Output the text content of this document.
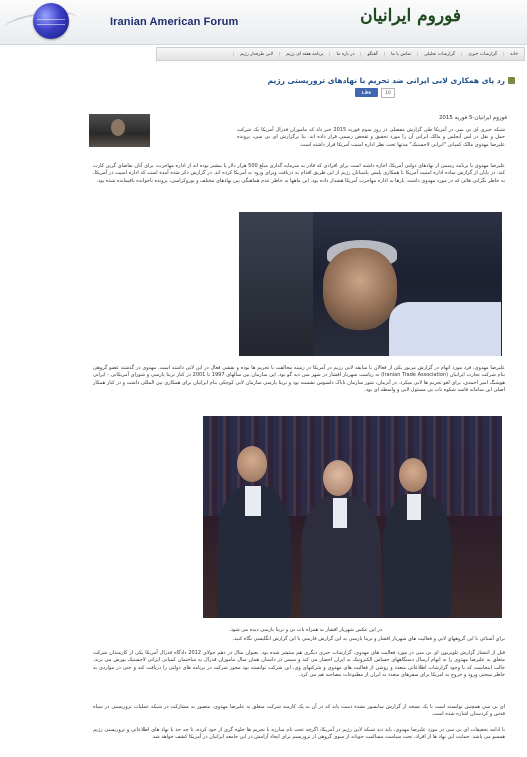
Iranian American Forum	فوروم ایرانیان
خانه
گزارشات خبری
گزارشات تحلیلی
تماس با ما
گفتگو
در باره ما
برنامه هفته ای رژیم
لابی طرفدار رژیم
رد پای همکاری لابی ایرانی ضد تحریم با نهادهای تروریستی رژیم
Like	10
فوروم ایرانیان-5 فوریه 2015
شبکه خبری ای بی سی در آمریکا طی گزارش مفصلی در روز سوم فوریه 2015 خبر داد که ماموران فدرال آمریکا یک شرکت حمل و نقل در لس آنجلس و مالک ایرانی آن را مورد تحقیق و تفحص رسمی قرار داده اند. بنا برگزارش ای بی سی، پرونده علیرضا مهدوی مالک کمپانی "ایرانی لاجستیک" مدتها تحت نظر اداره امنیت آمریکا قرار داشته است.
علیرضا مهدوی با برنامه رسمی از نهادهای دولتی آمریکا، اجازه داشته است برای افرادی که قادر به سرمایه گذاری مبلغ 500 هزار دلار یا بیشتر بوده اند از اداره مهاجرت، برای آنان تقاضای گرین کارت کند. در پایان از گزارش ساده اداره امنیت آمریکا با همکاری پلیس پاسبانان رژیم از این طریق اقدام به دریافت ویزای ورود به آمریکا کرده اند. در گزارش ذکر شده آمده است که اداره امنیت در آمریکا، به خاطر نگرانی هائی که در مورد مهدوی داشته، بارها به اداره مهاجرت آمریکا هشدار داده بود. این ماهها به خاطر عدم هماهنگی بین نهادهای مختلف و بوروکراسی، پرونده ناخوانده باقیمانده شده بود.
علیرضا مهدوی، فرد مورد اتهام در گزارش مزبور یکی از فعالان با سابقه لابی رژیم در آمریکا در زمینه مخالفت با تحریم ها بوده و نقشی فعال در این لابی داشته است. مهدوی در گذشته عضو گروهی بنام شرکت تجارت ایرانیان (Iranian Trade Association) به ریاست شهریار افشار در شهر سن دیه گو بود. این سازمان بین سالهای 1997 تا 2001 در کنار تریتا پارسی و شورای آمریکایی - ایرانی هوشنگ امیر احمدی، برای لغو تحریم ها لابی میکرد. در آنزمان، شور سازمان نایاک دلسوس نشسته بود و تریتا پارسی سازمان لابی کوچکی بنام ایرانیان برای همکاری بین المللی داشت و در کنار همکار اصلی این سامانه فاسد شکوه ناب بی مسئول لابی و واسطه ای بود.
در این عکس شهریار افشار به همراه باب نی و تریتا پارسی دیده می شود.
براي آشنائي با اين گروههاي لابي و فعاليت هاي شهريار افشار و تريتا پارسي به اين گزارش فارسي يا اين گزارش انگليسي نگاه كنيد.
قبل از انتشار گزارش تلویزیون ای بی سی در مورد فعالیت های مهدوی، گزارشات خبری دیگری هم منتشر شده بود. بعنوان مثال در دهم جولای 2012 دادگاه فدرال آمریکا یکی از کارمندان شرکت متعلق به علیرضا مهدوی را به اتهام ارسال دستگاههای حساس الکترونیک به ایران احضار می کند و سپس در داستان همان سال ماموران فدرال به ساختمان کمپانی ایرانی لاجستیک یورش می برند. جالب اینجاست که با وجود گزارشات اطلاعاتی متعدد و روشن از فعالیت های مهدوی و شرکتهای وی، این شرکت توانسته بود مجوز شرکت در برنامه های دولتی را دریافت کند و حتی در مواردی به خاطر سختی ورود و خروج به امریکا برای سفرهای متعدد به ایران از مطبوعات مصاحبه هم می کرد.
ای بی سی همچنین توانسته است با یک نسخه از گزارش سانسور نشده دست یابد که در آن به یک کارمند شرکت متعلق به علیرضا مهدوی، متصور به مشارکت در شبکه عملیات تروریستی در سپاه قدس و کردستان اشاره شده است.
با ادامه تحقیقات ای بی سی در مورد علیرضا مهدوی، باید دید شبکه لابی رژیم در آمریکا، اگرچه تحت نام مبارزه با تحریم ها جلوه گری از خود کرده، تا چه حد با نهاد های اطلاعاتی و تروریستی رژیم همسو می باشد. حمایت این نهاد ها از افراد، تحت سیاست مسالمت جویانه از سوی گروهی از تروریسم برای ایجاد آرامش در این جامعه ایرانیان در آمریکا کشف خواهد شد.
